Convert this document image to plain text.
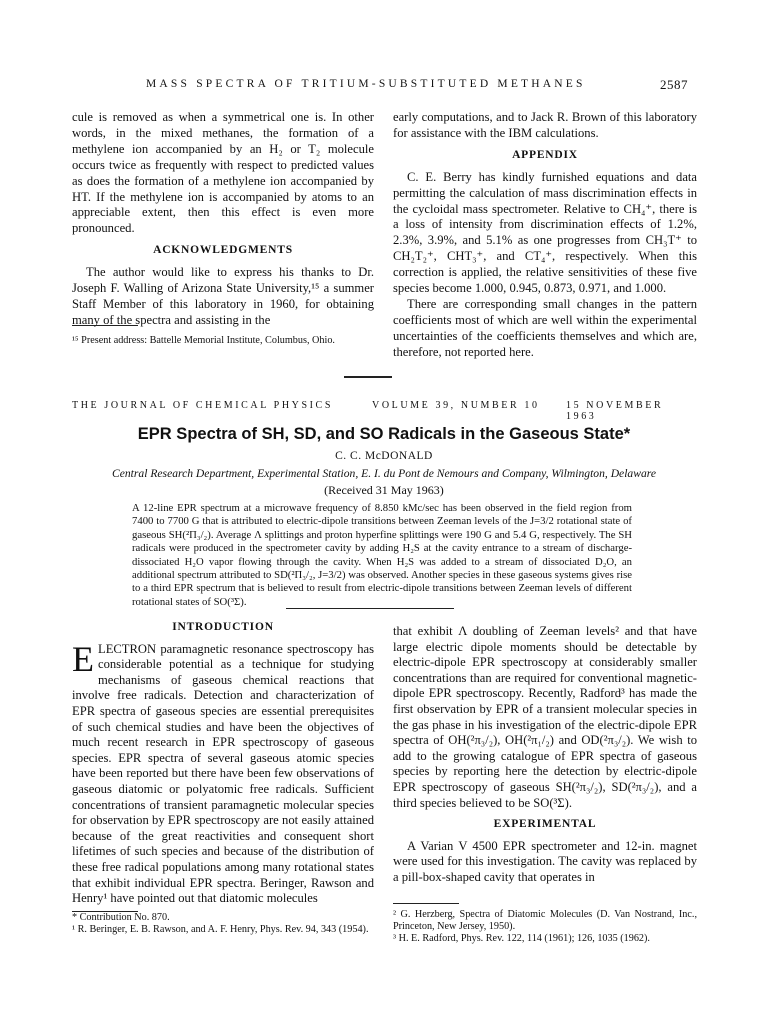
MASS SPECTRA OF TRITIUM-SUBSTITUTED METHANES	2587

cule is removed as when a symmetrical one is. In other words, in the mixed methanes, the formation of a methylene ion accompanied by an H₂ or T₂ molecule occurs twice as frequently with respect to predicted values as does the formation of a methylene ion accompanied by HT. If the methylene ion is accompanied by atoms to an appreciable extent, then this effect is even more pronounced.

ACKNOWLEDGMENTS

The author would like to express his thanks to Dr. Joseph F. Walling of Arizona State University,¹⁵ a summer Staff Member of this laboratory in 1960, for obtaining many of the spectra and assisting in the

¹⁵ Present address: Battelle Memorial Institute, Columbus, Ohio.

early computations, and to Jack R. Brown of this laboratory for assistance with the IBM calculations.

APPENDIX

C. E. Berry has kindly furnished equations and data permitting the calculation of mass discrimination effects in the cycloidal mass spectrometer. Relative to CH₄⁺, there is a loss of intensity from discrimination effects of 1.2%, 2.3%, 3.9%, and 5.1% as one progresses from CH₃T⁺ to CH₂T₂⁺, CHT₃⁺, and CT₄⁺, respectively. When this correction is applied, the relative sensitivities of these five species become 1.000, 0.945, 0.873, 0.971, and 1.000.

There are corresponding small changes in the pattern coefficients most of which are well within the experimental uncertainties of the coefficients themselves and which are, therefore, not reported here.

THE JOURNAL OF CHEMICAL PHYSICS	VOLUME 39, NUMBER 10	15 NOVEMBER 1963
EPR Spectra of SH, SD, and SO Radicals in the Gaseous State*
C. C. McDONALD
Central Research Department, Experimental Station, E. I. du Pont de Nemours and Company, Wilmington, Delaware
(Received 31 May 1963)
A 12-line EPR spectrum at a microwave frequency of 8.850 kMc/sec has been observed in the field region from 7400 to 7700 G that is attributed to electric-dipole transitions between Zeeman levels of the J=3/2 rotational state of gaseous SH(²Π₃/₂). Average Λ splittings and proton hyperfine splittings were 190 G and 5.4 G, respectively. The SH radicals were produced in the spectrometer cavity by adding H₂S at the cavity entrance to a stream of discharge-dissociated H₂O vapor flowing through the cavity. When H₂S was added to a stream of dissociated D₂O, an additional spectrum attributed to SD(²Π₃/₂, J=3/2) was observed. Another species in these gaseous systems gives rise to a third EPR spectrum that is believed to result from electric-dipole transitions between Zeeman levels of different rotational states of SO(³Σ).
INTRODUCTION

ELECTRON paramagnetic resonance spectroscopy has considerable potential as a technique for studying mechanisms of gaseous chemical reactions that involve free radicals. Detection and characterization of EPR spectra of gaseous species are essential prerequisites of such chemical studies and have been the objectives of much recent research in EPR spectroscopy of gaseous species. EPR spectra of several gaseous atomic species have been reported but there have been few observations of gaseous diatomic or polyatomic free radicals. Sufficient concentrations of transient paramagnetic molecular species for observation by EPR spectroscopy are not easily attained because of the great reactivities and consequent short lifetimes of such species and because of the distribution of these free radical populations among many rotational states that exhibit individual EPR spectra. Beringer, Rawson and Henry¹ have pointed out that diatomic molecules

* Contribution No. 870.
¹ R. Beringer, E. B. Rawson, and A. F. Henry, Phys. Rev. 94, 343 (1954).

that exhibit Λ doubling of Zeeman levels² and that have large electric dipole moments should be detectable by electric-dipole EPR spectroscopy at considerably smaller concentrations than are required for conventional magnetic-dipole EPR spectroscopy. Recently, Radford³ has made the first observation by EPR of a transient molecular species in the gas phase in his investigation of the electric-dipole EPR spectra of OH(²π₃/₂), OH(²π₁/₂) and OD(²π₃/₂). We wish to add to the growing catalogue of EPR spectra of gaseous species by reporting here the detection by electric-dipole EPR spectroscopy of gaseous SH(²π₃/₂), SD(²π₃/₂), and a third species believed to be SO(³Σ).

EXPERIMENTAL

A Varian V 4500 EPR spectrometer and 12-in. magnet were used for this investigation. The cavity was replaced by a pill-box-shaped cavity that operates in

² G. Herzberg, Spectra of Diatomic Molecules (D. Van Nostrand, Inc., Princeton, New Jersey, 1950).
³ H. E. Radford, Phys. Rev. 122, 114 (1961); 126, 1035 (1962).
